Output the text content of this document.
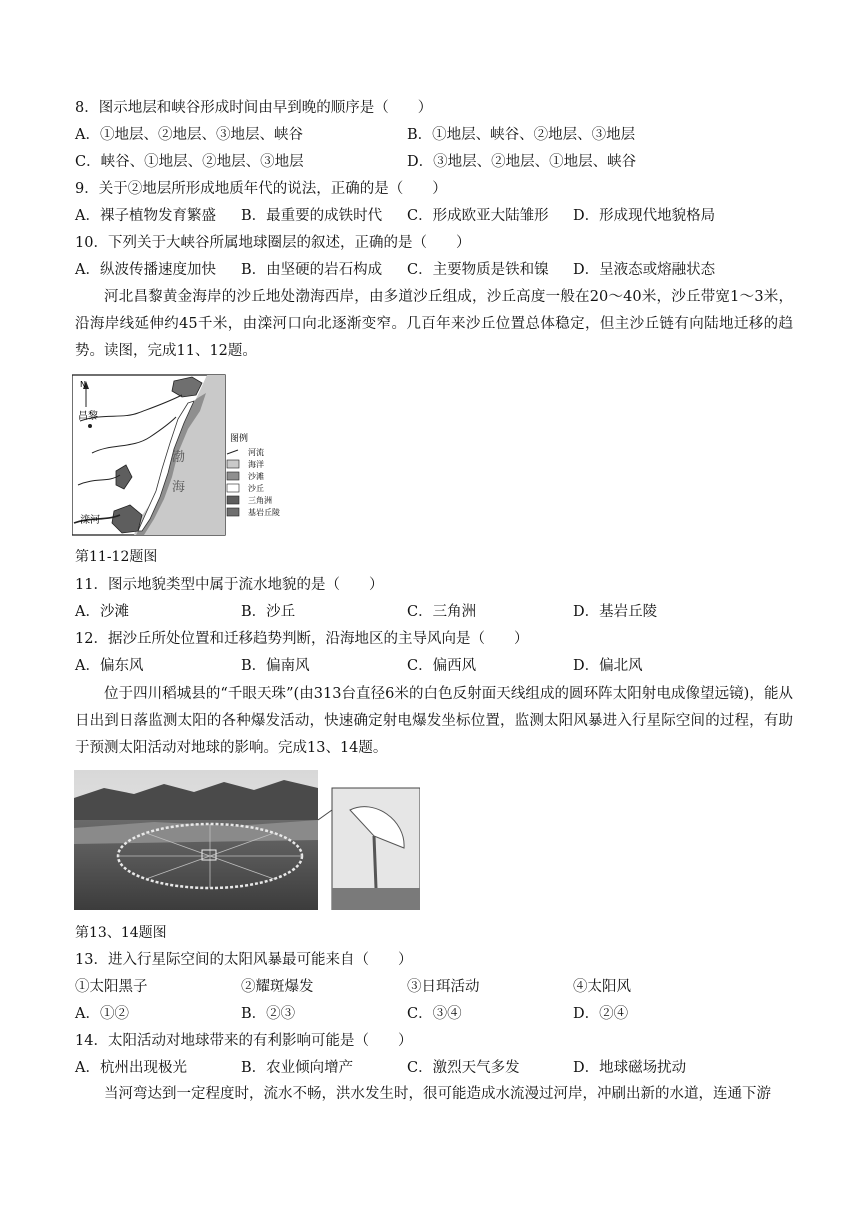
8．图示地层和峡谷形成时间由早到晚的顺序是（　　）
A．①地层、②地层、③地层、峡谷	B．①地层、峡谷、②地层、③地层
C．峡谷、①地层、②地层、③地层	D．③地层、②地层、①地层、峡谷
9．关于②地层所形成地质年代的说法，正确的是（　　）
A．裸子植物发育繁盛 B．最重要的成铁时代 C．形成欧亚大陆雏形 D．形成现代地貌格局
10．下列关于大峡谷所属地球圈层的叙述，正确的是（　　）
A．纵波传播速度加快 B．由坚硬的岩石构成 C．主要物质是铁和镍 D．呈液态或熔融状态
河北昌黎黄金海岸的沙丘地处渤海西岸，由多道沙丘组成，沙丘高度一般在20～40米，沙丘带宽1～3米，沿海岸线延伸约45千米，由滦河口向北逐渐变窄。几百年来沙丘位置总体稳定，但主沙丘链有向陆地迁移的趋势。读图，完成11、12题。
N
昌黎
渤
海
滦河
图例
河流
海洋
沙滩
沙丘
三角洲
基岩丘陵
第11-12题图
11．图示地貌类型中属于流水地貌的是（　　）
A．沙滩	B．沙丘	C．三角洲	D．基岩丘陵
12．据沙丘所处位置和迁移趋势判断，沿海地区的主导风向是（　　）
A．偏东风	B．偏南风	C．偏西风	D．偏北风
位于四川稻城县的“千眼天珠”(由313台直径6米的白色反射面天线组成的圆环阵太阳射电成像望远镜)，能从日出到日落监测太阳的各种爆发活动，快速确定射电爆发坐标位置，监测太阳风暴进入行星际空间的过程，有助于预测太阳活动对地球的影响。完成13、14题。
第13、14题图
13．进入行星际空间的太阳风暴最可能来自（　　）
①太阳黑子	②耀斑爆发	③日珥活动	④太阳风
A．①②	B．②③	C．③④	D．②④
14．太阳活动对地球带来的有利影响可能是（　　）
A．杭州出现极光	B．农业倾向增产	C．激烈天气多发	D．地球磁场扰动
当河弯达到一定程度时，流水不畅，洪水发生时，很可能造成水流漫过河岸，冲刷出新的水道，连通下游
